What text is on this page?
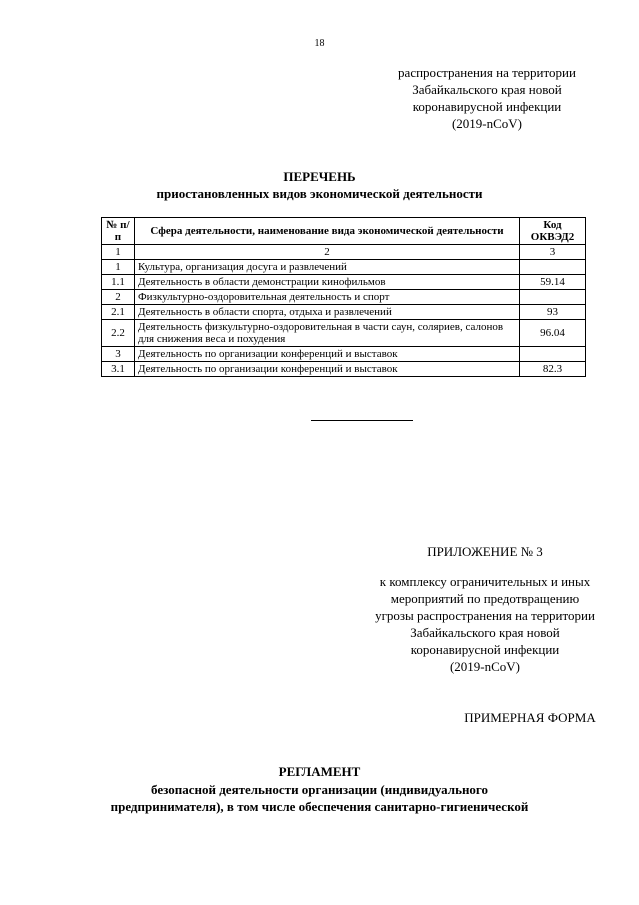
18
распространения на территории
Забайкальского края новой
коронавирусной инфекции
(2019-nCoV)
ПЕРЕЧЕНЬ
приостановленных видов экономической деятельности
№ п/п	Сфера деятельности, наименование вида экономической деятельности	Код ОКВЭД2
1	2	3
1	Культура, организация досуга и развлечений	
1.1	Деятельность в области демонстрации кинофильмов	59.14
2	Физкультурно-оздоровительная деятельность и спорт	
2.1	Деятельность в области спорта, отдыха и развлечений	93
2.2	Деятельность физкультурно-оздоровительная в части саун, соляриев, салонов для снижения веса и похудения	96.04
3	Деятельность по организации конференций и выставок	
3.1	Деятельность по организации конференций и выставок	82.3
ПРИЛОЖЕНИЕ № 3
к комплексу ограничительных и иных
мероприятий по предотвращению
угрозы распространения на территории
Забайкальского края новой
коронавирусной инфекции
(2019-nCoV)
ПРИМЕРНАЯ ФОРМА
РЕГЛАМЕНТ
безопасной деятельности организации (индивидуального
предпринимателя), в том числе обеспечения санитарно-гигиенической
